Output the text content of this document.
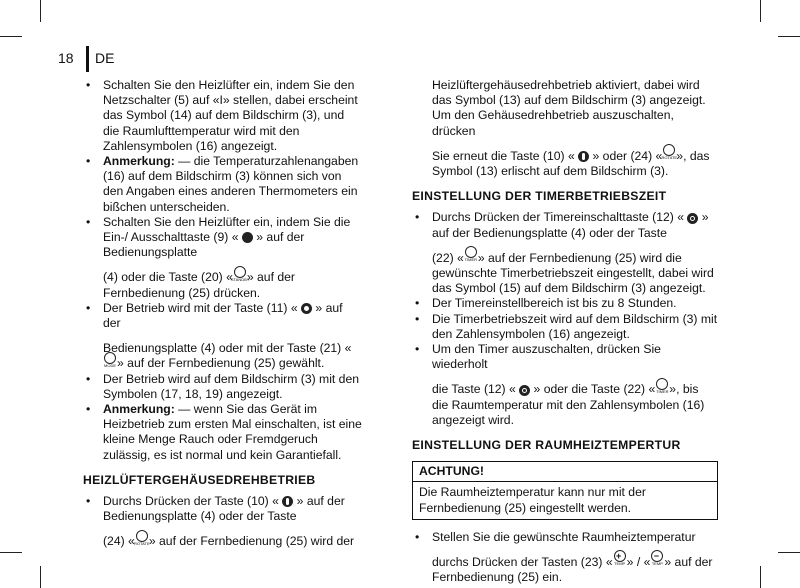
18 DE
• Schalten Sie den Heizlüfter ein, indem Sie den Netzschalter (5) auf «I» stellen, dabei erscheint das Symbol (14) auf dem Bildschirm (3), und die Raumlufttemperatur wird mit den Zahlensymbolen (16) angezeigt.
• Anmerkung: — die Temperaturzahlenangaben (16) auf dem Bildschirm (3) können sich von den Angaben eines anderen Thermometers ein bißchen unterscheiden.
• Schalten Sie den Heizlüfter ein, indem Sie die Ein-/ Ausschalttaste (9) «  » auf der Bedienungsplatte
(4) oder die Taste (20) «
STANDBY
» auf der Fernbedienung (25) drücken.
• Der Betrieb wird mit der Taste (11) «  » auf der
Bedienungsplatte (4) oder mit der Taste (21) «
MODE » auf der Fernbedienung (25) gewählt.
• Der Betrieb wird auf dem Bildschirm (3) mit den Symbolen (17, 18, 19) angezeigt.
• Anmerkung: — wenn Sie das Gerät im Heizbetrieb zum ersten Mal einschalten, ist eine kleine Menge Rauch oder Fremdgeruch zulässig, es ist normal und kein Garantiefall.
HEIZLÜFTERGEHÄUSEDREHBETRIEB
• Durchs Drücken der Taste (10) «  » auf der Bedienungsplatte (4) oder der Taste
(24) « ROTATE » auf der Fernbedienung (25) wird der
Heizlüftergehäusedrehbetrieb aktiviert, dabei wird das Symbol (13) auf dem Bildschirm (3) angezeigt. Um den Gehäusedrehbetrieb auszuschalten, drücken
Sie erneut die Taste (10) «  » oder (24) « ROTATE », das Symbol (13) erlischt auf dem Bildschirm (3).
EINSTELLUNG DER TIMERBETRIEBSZEIT
• Durchs Drücken der Timereinschalttaste (12) «  » auf der Bedienungsplatte (4) oder der Taste
(22) « TIMER » auf der Fernbedienung (25) wird die gewünschte Timerbetriebszeit eingestellt, dabei wird das Symbol (15) auf dem Bildschirm (3) angezeigt.
• Der Timereinstellbereich ist bis zu 8 Stunden.
• Die Timerbetriebszeit wird auf dem Bildschirm (3) mit den Zahlensymbolen (16) angezeigt.
• Um den Timer auszuschalten, drücken Sie wiederholt
die Taste (12) «  » oder die Taste (22) « TIMER », bis die Raumtemperatur mit den Zahlensymbolen (16) angezeigt wird.
EINSTELLUNG DER RAUMHEIZTEMPERTUR
ACHTUNG!
Die Raumheiztemperatur kann nur mit der Fernbedienung (25) eingestellt werden.
• Stellen Sie die gewünschte Raumheiztemperatur
durchs Drücken der Tasten (23) « +
TEMP » / « −
TEMP » auf der Fernbedienung (25) ein.
